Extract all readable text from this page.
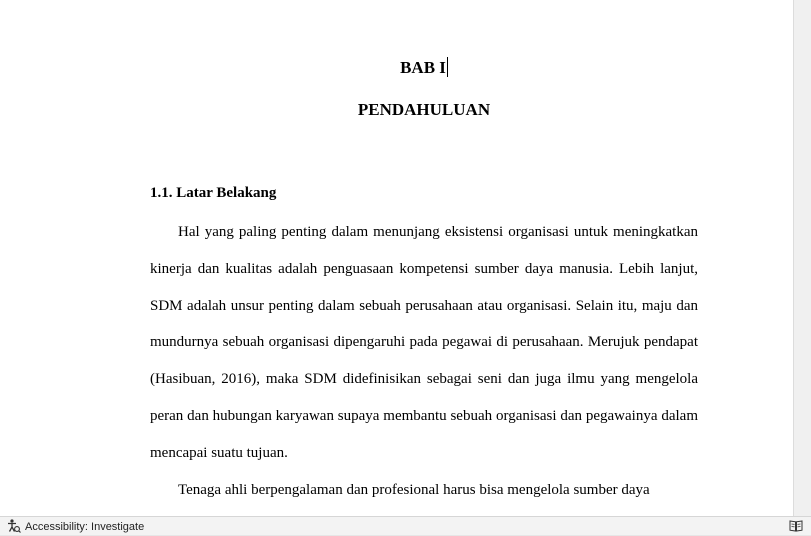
BAB I
PENDAHULUAN
1.1. Latar Belakang

Hal yang paling penting dalam menunjang eksistensi organisasi untuk meningkatkan kinerja dan kualitas adalah penguasaan kompetensi sumber daya manusia. Lebih lanjut, SDM adalah unsur penting dalam sebuah perusahaan atau organisasi. Selain itu, maju dan mundurnya sebuah organisasi dipengaruhi pada pegawai di perusahaan. Merujuk pendapat (Hasibuan, 2016), maka SDM didefinisikan sebagai seni dan juga ilmu yang mengelola peran dan hubungan karyawan supaya membantu sebuah organisasi dan pegawainya dalam mencapai suatu tujuan.

Tenaga ahli berpengalaman dan profesional harus bisa mengelola sumber daya

Accessibility: Investigate
